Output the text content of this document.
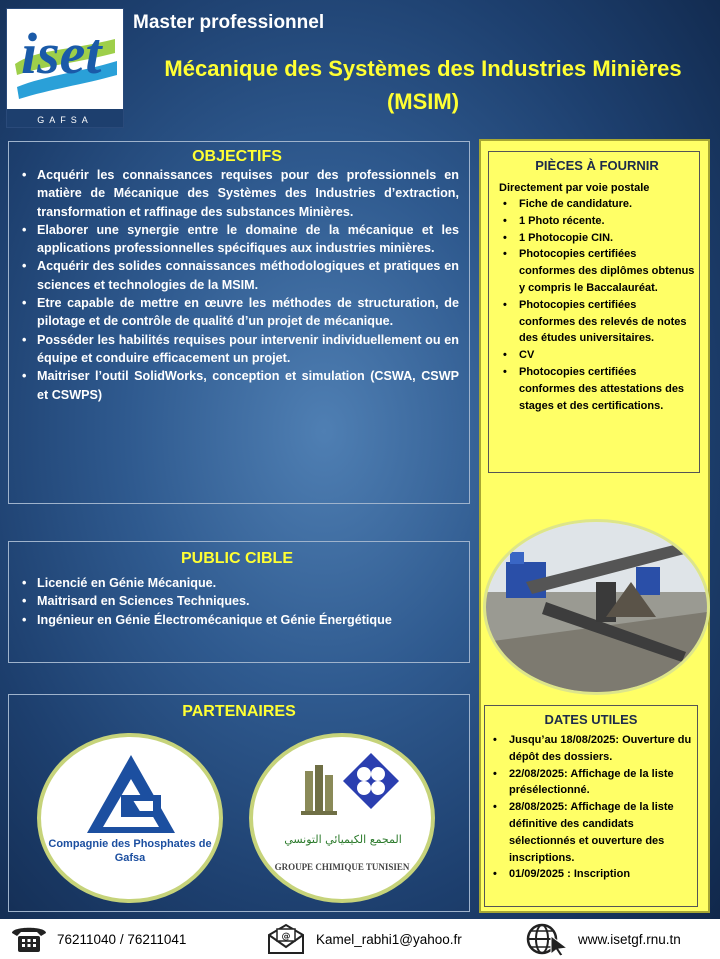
iset
GAFSA
Master professionnel
Mécanique des Systèmes des Industries Minières (MSIM)
OBJECTIFS
• Acquérir les connaissances requises pour des professionnels en matière de Mécanique des Systèmes des Industries d’extraction, transformation et raffinage des substances Minières.
• Elaborer une synergie entre le domaine de la mécanique et les applications professionnelles spécifiques aux industries minières.
• Acquérir des solides connaissances méthodologiques et pratiques en sciences et technologies de la MSIM.
• Etre capable de mettre en œuvre les méthodes de structuration, de pilotage et de contrôle de qualité d’un projet de mécanique.
• Posséder les habilités requises pour intervenir individuellement ou en équipe et conduire efficacement un projet.
• Maitriser l’outil SolidWorks, conception et simulation (CSWA, CSWP et CSWPS)
PUBLIC CIBLE
• Licencié en Génie Mécanique.
• Maitrisard en Sciences Techniques.
• Ingénieur en Génie Électromécanique et Génie Énergétique
PARTENAIRES
Compagnie des Phosphates de Gafsa
المجمع الكيميائي التونسي
GROUPE CHIMIQUE TUNISIEN
PIÈCES À FOURNIR
Directement par voie postale
• Fiche de candidature.
• 1 Photo récente.
• 1 Photocopie CIN.
• Photocopies certifiées conformes des diplômes obtenus y compris le Baccalauréat.
• Photocopies certifiées conformes des relevés de notes des études universitaires.
• CV
• Photocopies certifiées conformes des attestations des stages et des certifications.
DATES UTILES
• Jusqu’au 18/08/2025: Ouverture du dépôt des dossiers.
• 22/08/2025: Affichage de la liste présélectionné.
• 28/08/2025: Affichage de la liste définitive des candidats sélectionnés et ouverture des inscriptions.
• 01/09/2025 : Inscription
76211040 / 76211041	@ Kamel_rabhi1@yahoo.fr	www.isetgf.rnu.tn
